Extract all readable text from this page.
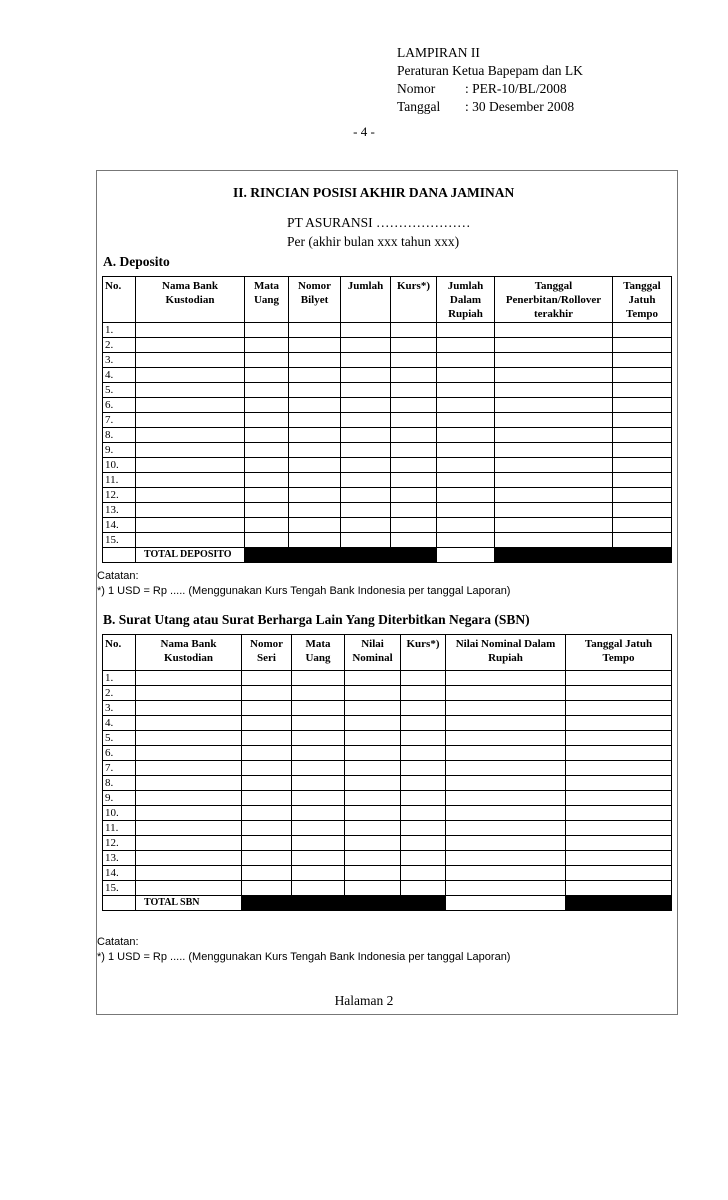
LAMPIRAN II
Peraturan Ketua Bapepam dan LK
Nomor	: PER-10/BL/2008
Tanggal	: 30 Desember 2008
- 4 -
II. RINCIAN POSISI AKHIR DANA JAMINAN
PT ASURANSI …………………
Per (akhir bulan xxx tahun xxx)
A. Deposito
No.	Nama Bank Kustodian	Mata Uang	Nomor Bilyet	Jumlah	Kurs*)	Jumlah Dalam Rupiah	Tanggal Penerbitan/Rollover terakhir	Tanggal Jatuh Tempo
1.								
2.								
3.								
4.								
5.								
6.								
7.								
8.								
9.								
10.								
11.								
12.								
13.								
14.								
15.								
	TOTAL DEPOSITO							
Catatan:
*) 1 USD = Rp ..... (Menggunakan Kurs Tengah Bank Indonesia per tanggal Laporan)
B. Surat Utang atau Surat Berharga Lain Yang Diterbitkan Negara (SBN)
No.	Nama Bank Kustodian	Nomor Seri	Mata Uang	Nilai Nominal	Kurs*)	Nilai Nominal Dalam Rupiah	Tanggal Jatuh Tempo
1.							
2.							
3.							
4.							
5.							
6.							
7.							
8.							
9.							
10.							
11.							
12.							
13.							
14.							
15.							
	TOTAL SBN						
Catatan:
*) 1 USD = Rp ..... (Menggunakan Kurs Tengah Bank Indonesia per tanggal Laporan)
Halaman 2
